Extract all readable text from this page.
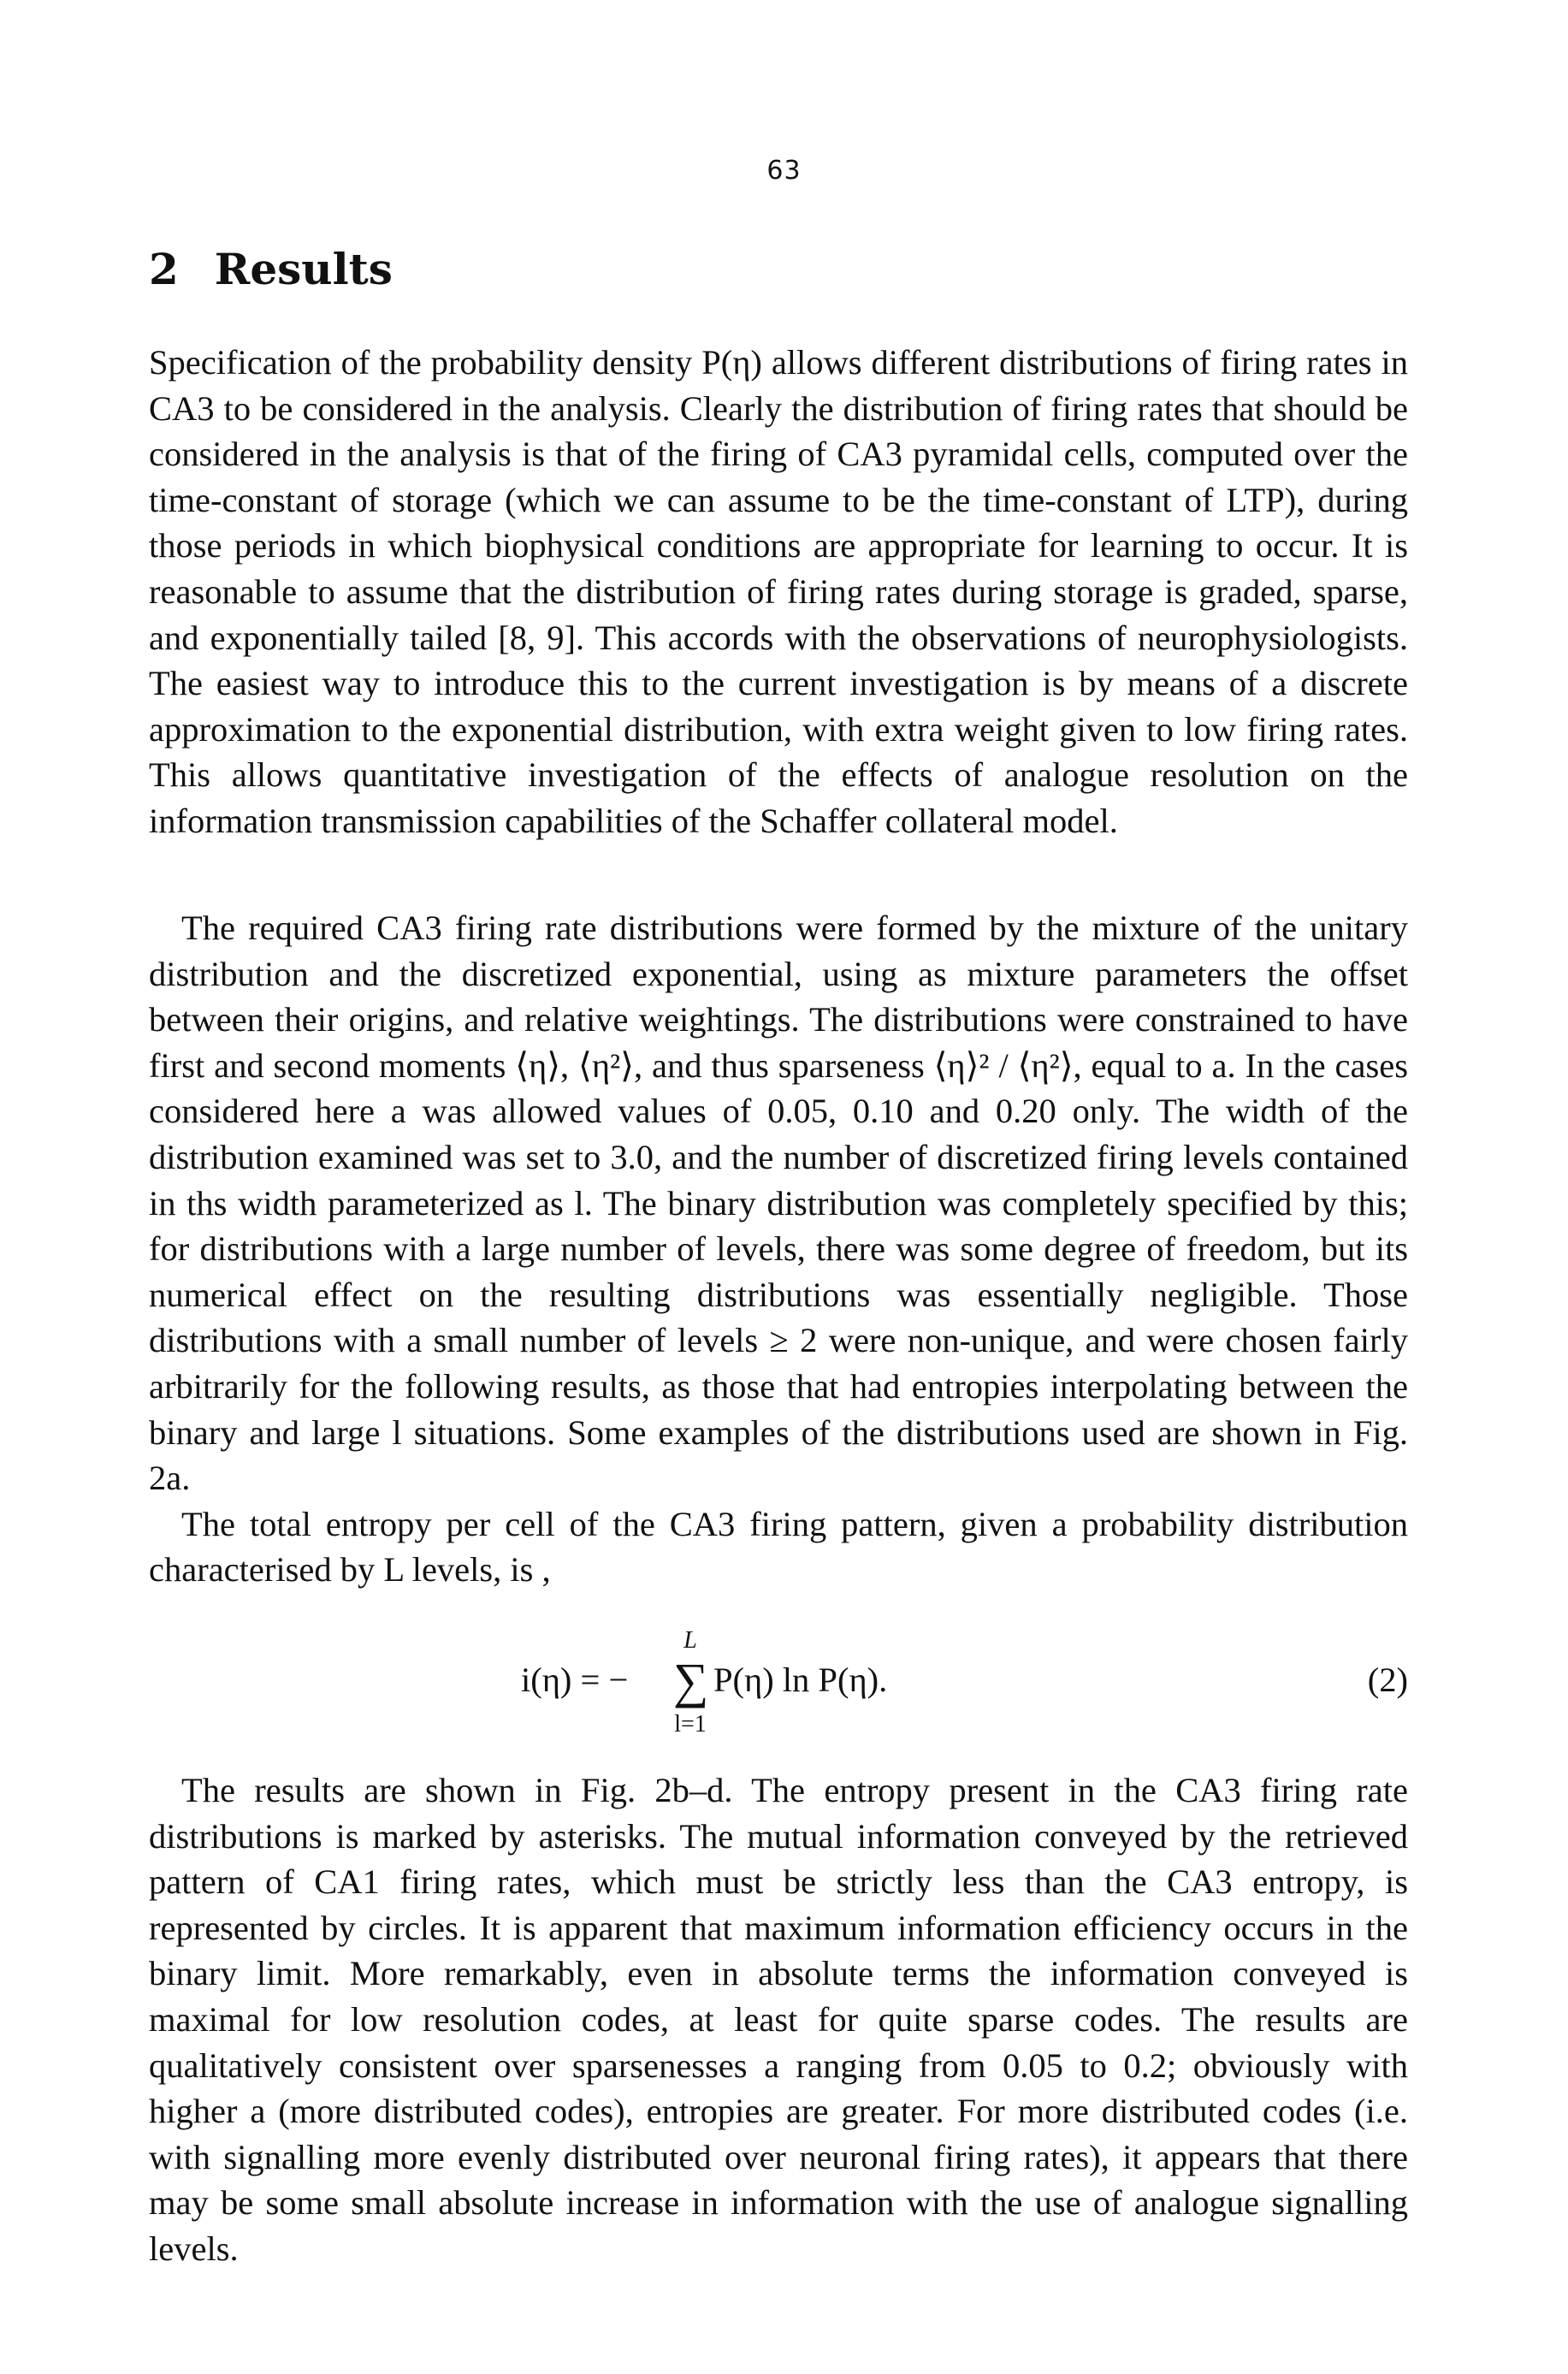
63
2 Results

Specification of the probability density P(η) allows different distributions of firing rates in CA3 to be considered in the analysis. Clearly the distribution of firing rates that should be considered in the analysis is that of the firing of CA3 pyramidal cells, computed over the time-constant of storage (which we can assume to be the time-constant of LTP), during those periods in which biophysical conditions are appropriate for learning to occur. It is reasonable to assume that the distribution of firing rates during storage is graded, sparse, and exponentially tailed [8, 9]. This accords with the observations of neurophysiologists. The easiest way to introduce this to the current investigation is by means of a discrete approximation to the exponential distribution, with extra weight given to low firing rates. This allows quantitative investigation of the effects of analogue resolution on the information transmission capabilities of the Schaffer collateral model.

The required CA3 firing rate distributions were formed by the mixture of the unitary distribution and the discretized exponential, using as mixture parameters the offset between their origins, and relative weightings. The distributions were constrained to have first and second moments ⟨η⟩, ⟨η²⟩, and thus sparseness ⟨η⟩² / ⟨η²⟩, equal to a. In the cases considered here a was allowed values of 0.05, 0.10 and 0.20 only. The width of the distribution examined was set to 3.0, and the number of discretized firing levels contained in ths width parameterized as l. The binary distribution was completely specified by this; for distributions with a large number of levels, there was some degree of freedom, but its numerical effect on the resulting distributions was essentially negligible. Those distributions with a small number of levels ≥ 2 were non-unique, and were chosen fairly arbitrarily for the following results, as those that had entropies interpolating between the binary and large l situations. Some examples of the distributions used are shown in Fig. 2a.

The total entropy per cell of the CA3 firing pattern, given a probability distribution characterised by L levels, is ,

i(η) = −
L
∑
l=1
P(η) ln P(η).	(2)

The results are shown in Fig. 2b–d. The entropy present in the CA3 firing rate distributions is marked by asterisks. The mutual information conveyed by the retrieved pattern of CA1 firing rates, which must be strictly less than the CA3 entropy, is represented by circles. It is apparent that maximum information efficiency occurs in the binary limit. More remarkably, even in absolute terms the information conveyed is maximal for low resolution codes, at least for quite sparse codes. The results are qualitatively consistent over sparsenesses a ranging from 0.05 to 0.2; obviously with higher a (more distributed codes), entropies are greater. For more distributed codes (i.e. with signalling more evenly distributed over neuronal firing rates), it appears that there may be some small absolute increase in information with the use of analogue signalling levels.
